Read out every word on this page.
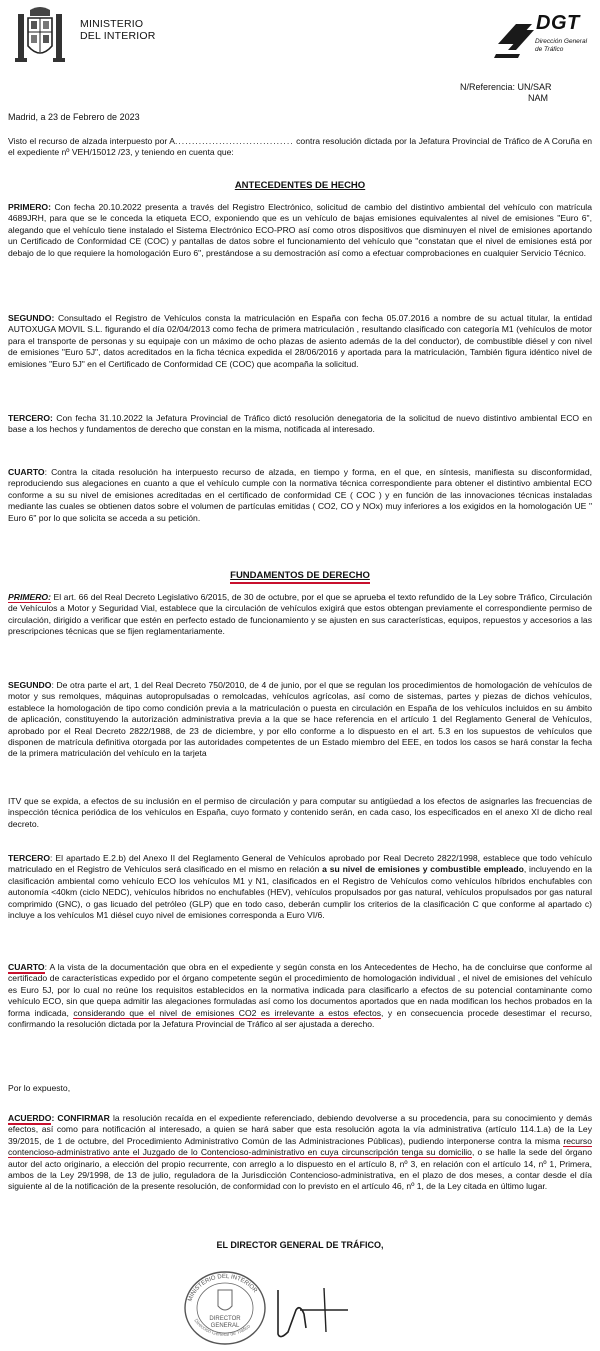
MINISTERIO
DEL INTERIOR
DGT
Dirección General
de Tráfico
N/Referencia: UN/SAR
NAM
Madrid, a 23 de Febrero de 2023
Visto el recurso de alzada interpuesto por A................................... contra resolución dictada por la Jefatura Provincial de Tráfico de A Coruña en el expediente nº VEH/15012 /23, y teniendo en cuenta que:
ANTECEDENTES DE HECHO
PRIMERO: Con fecha 20.10.2022 presenta a través del Registro Electrónico, solicitud de cambio del distintivo ambiental del vehículo con matrícula 4689JRH, para que se le conceda la etiqueta ECO, exponiendo que es un vehículo de bajas emisiones equivalentes al nivel de emisiones "Euro 6", alegando que el vehículo tiene instalado el Sistema Electrónico ECO-PRO así como otros dispositivos que disminuyen el nivel de emisiones aportando un Certificado de Conformidad CE (COC) y pantallas de datos sobre el funcionamiento del vehículo que "constatan que el nivel de emisiones está por debajo de lo que requiere la homologación Euro 6", prestándose a su demostración así como a efectuar comprobaciones en cualquier Servicio Técnico.
SEGUNDO: Consultado el Registro de Vehículos consta la matriculación en España con fecha 05.07.2016 a nombre de su actual titular, la entidad AUTOXUGA MOVIL S.L. figurando el día 02/04/2013 como fecha de primera matriculación , resultando clasificado con categoría M1 (vehículos de motor para el transporte de personas y su equipaje con un máximo de ocho plazas de asiento además de la del conductor), de combustible diésel y con nivel de emisiones "Euro 5J", datos acreditados en la ficha técnica expedida el 28/06/2016 y aportada para la matriculación, También figura idéntico nivel de emisiones "Euro 5J" en el Certificado de Conformidad CE (COC) que acompaña la solicitud.
TERCERO: Con fecha 31.10.2022 la Jefatura Provincial de Tráfico dictó resolución denegatoria de la solicitud de nuevo distintivo ambiental ECO en base a los hechos y fundamentos de derecho que constan en la misma, notificada al interesado.
CUARTO: Contra la citada resolución ha interpuesto recurso de alzada, en tiempo y forma, en el que, en síntesis, manifiesta su disconformidad, reproduciendo sus alegaciones en cuanto a que el vehículo cumple con la normativa técnica correspondiente para obtener el distintivo ambiental ECO conforme a su su nivel de emisiones acreditadas en el certificado de conformidad CE ( COC ) y en función de las innovaciones técnicas instaladas mediante las cuales se obtienen datos sobre el volumen de partículas emitidas ( CO2, CO y NOx) muy inferiores a los exigidos en la homologación UE " Euro 6" por lo que solicita se acceda a su petición.
FUNDAMENTOS DE DERECHO
PRIMERO: El art. 66 del Real Decreto Legislativo 6/2015, de 30 de octubre, por el que se aprueba el texto refundido de la Ley sobre Tráfico, Circulación de Vehículos a Motor y Seguridad Vial, establece que la circulación de vehículos exigirá que estos obtengan previamente el correspondiente permiso de circulación, dirigido a verificar que estén en perfecto estado de funcionamiento y se ajusten en sus características, equipos, repuestos y accesorios a las prescripciones técnicas que se fijen reglamentariamente.
SEGUNDO: De otra parte el art, 1 del Real Decreto 750/2010, de 4 de junio, por el que se regulan los procedimientos de homologación de vehículos de motor y sus remolques, máquinas autopropulsadas o remolcadas, vehículos agrícolas, así como de sistemas, partes y piezas de dichos vehículos, establece la homologación de tipo como condición previa a la matriculación o puesta en circulación en España de los vehículos incluidos en su ámbito de aplicación, constituyendo la autorización administrativa previa a la que se hace referencia en el artículo 1 del Reglamento General de Vehículos, aprobado por el Real Decreto 2822/1988, de 23 de diciembre, y por ello conforme a lo dispuesto en el art. 5.3 en los supuestos de vehículos que disponen de matrícula definitiva otorgada por las autoridades competentes de un Estado miembro del EEE, en todos los casos se hará constar la fecha de la primera matriculación del vehículo en la tarjeta
ITV que se expida, a efectos de su inclusión en el permiso de circulación y para computar su antigüedad a los efectos de asignarles las frecuencias de inspección técnica periódica de los vehículos en España, cuyo formato y contenido serán, en cada caso, los especificados en el anexo XI de dicho real decreto.
TERCERO: El apartado E.2.b) del Anexo II del Reglamento General de Vehículos aprobado por Real Decreto 2822/1998, establece que todo vehículo matriculado en el Registro de Vehículos será clasificado en el mismo en relación a su nivel de emisiones y combustible empleado, incluyendo en la clasificación ambiental como vehículo ECO los vehículos M1 y N1, clasificados en el Registro de Vehículos como vehículos híbridos enchufables con autonomía <40km (ciclo NEDC), vehículos híbridos no enchufables (HEV), vehículos propulsados por gas natural, vehículos propulsados por gas natural comprimido (GNC), o gas licuado del petróleo (GLP) que en todo caso, deberán cumplir los criterios de la clasificación C que conforme al apartado c) incluye a los vehículos M1 diésel cuyo nivel de emisiones corresponda a Euro VI/6.
CUARTO: A la vista de la documentación que obra en el expediente y según consta en los Antecedentes de Hecho, ha de concluirse que conforme al certificado de características expedido por el órgano competente según el procedimiento de homologación individual , el nivel de emisiones del vehículo es Euro 5J, por lo cual no reúne los requisitos establecidos en la normativa indicada para clasificarlo a efectos de su potencial contaminante como vehículo ECO, sin que quepa admitir las alegaciones formuladas así como los documentos aportados que en nada modifican los hechos probados en la forma indicada, considerando que el nivel de emisiones CO2 es irrelevante a estos efectos, y en consecuencia procede desestimar el recurso, confirmando la resolución dictada por la Jefatura Provincial de Tráfico al ser ajustada a derecho.
Por lo expuesto,
ACUERDO: CONFIRMAR la resolución recaída en el expediente referenciado, debiendo devolverse a su procedencia, para su conocimiento y demás efectos, así como para notificación al interesado, a quien se hará saber que esta resolución agota la vía administrativa (artículo 114.1.a) de la Ley 39/2015, de 1 de octubre, del Procedimiento Administrativo Común de las Administraciones Públicas), pudiendo interponerse contra la misma recurso contencioso-administrativo ante el Juzgado de lo Contencioso-administrativo en cuya circunscripción tenga su domicilio, o se halle la sede del órgano autor del acto originario, a elección del propio recurrente, con arreglo a lo dispuesto en el artículo 8, nº 3, en relación con el artículo 14, nº 1, Primera, ambos de la Ley 29/1998, de 13 de julio, reguladora de la Jurisdicción Contencioso-administrativa, en el plazo de dos meses, a contar desde el día siguiente al de la notificación de la presente resolución, de conformidad con lo previsto en el artículo 46, nº 1, de la Ley citada en último lugar.
EL DIRECTOR GENERAL DE TRÁFICO,
DIRECTOR
GENERAL
MINISTERIO DEL INTERIOR
Dirección General de Tráfico
